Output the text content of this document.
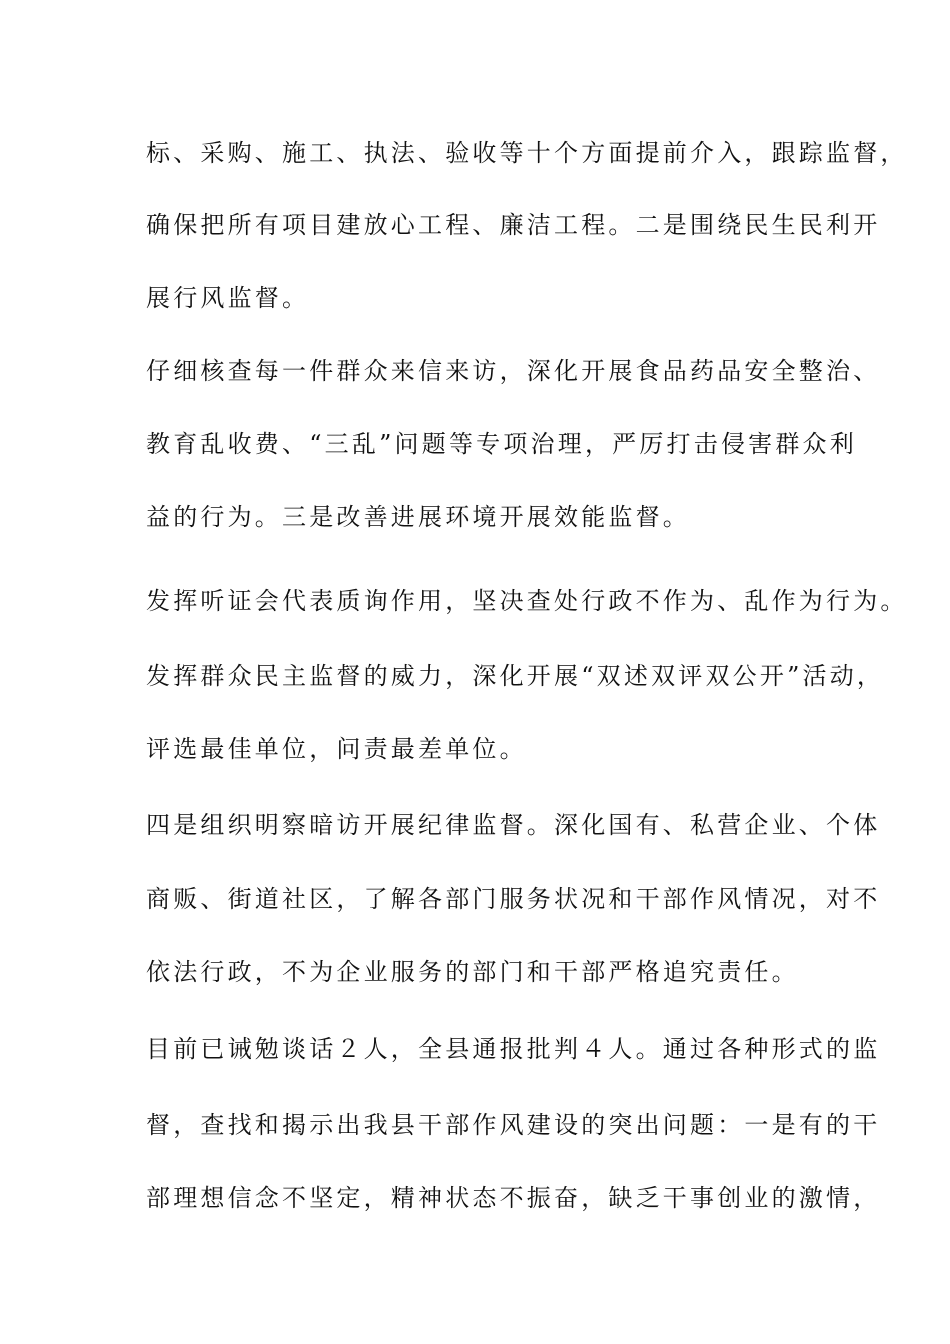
标、采购、施工、执法、验收等十个方面提前介入，跟踪监督，
确保把所有项目建放心工程、廉洁工程。二是围绕民生民利开
展行风监督。
仔细核查每一件群众来信来访，深化开展食品药品安全整治、
教育乱收费、“三乱”问题等专项治理，严厉打击侵害群众利
益的行为。三是改善进展环境开展效能监督。
发挥听证会代表质询作用，坚决查处行政不作为、乱作为行为。
发挥群众民主监督的威力，深化开展“双述双评双公开”活动，
评选最佳单位，问责最差单位。
四是组织明察暗访开展纪律监督。深化国有、私营企业、个体
商贩、街道社区，了解各部门服务状况和干部作风情况，对不
依法行政，不为企业服务的部门和干部严格追究责任。
目前已诫勉谈话２人，全县通报批判４人。通过各种形式的监
督，查找和揭示出我县干部作风建设的突出问题：一是有的干
部理想信念不坚定，精神状态不振奋，缺乏干事创业的激情，
